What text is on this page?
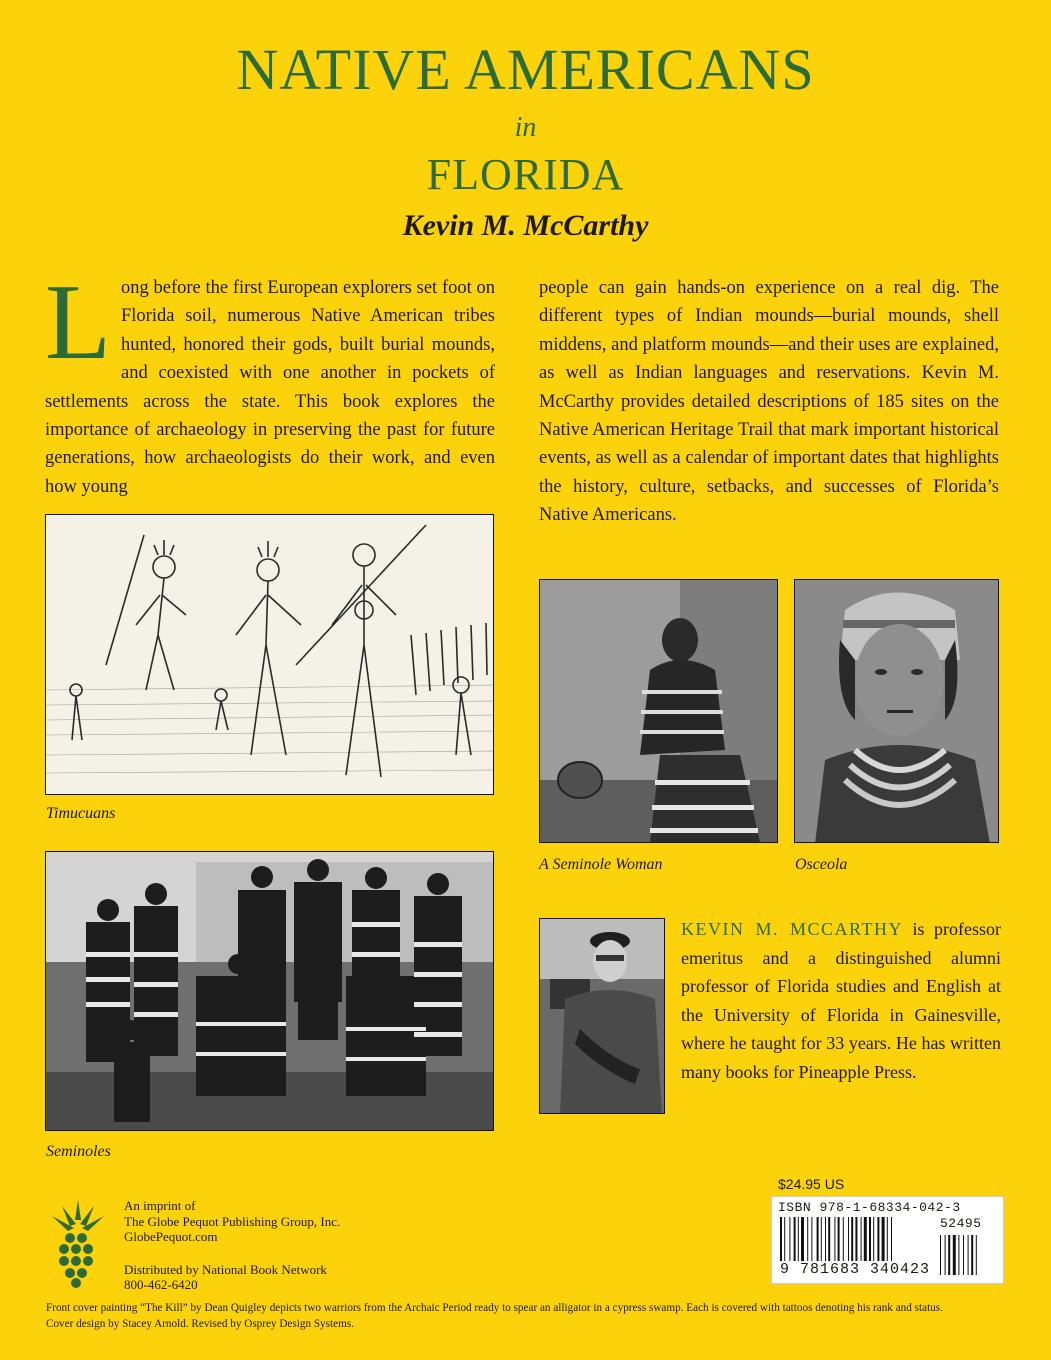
NATIVE AMERICANS
in
FLORIDA
Kevin M. McCarthy
Long before the first European explorers set foot on Florida soil, numerous Native American tribes hunted, honored their gods, built burial mounds, and coexisted with one another in pockets of settlements across the state. This book explores the importance of archaeology in preserving the past for future generations, how archaeologists do their work, and even how young
people can gain hands-on experience on a real dig. The different types of Indian mounds—burial mounds, shell middens, and platform mounds—and their uses are explained, as well as Indian languages and reservations. Kevin M. McCarthy provides detailed descriptions of 185 sites on the Native American Heritage Trail that mark important historical events, as well as a calendar of important dates that highlights the history, culture, setbacks, and successes of Florida’s Native Americans.
Timucuans
Seminoles
A Seminole Woman	Osceola
KEVIN M. MCCARTHY is professor emeritus and a distinguished alumni professor of Florida studies and English at the University of Florida in Gainesville, where he taught for 33 years. He has written many books for Pineapple Press.
An imprint of
The Globe Pequot Publishing Group, Inc.
GlobePequot.com
Distributed by National Book Network
800-462-6420
$24.95 US
ISBN 978-1-68334-042-3
52495
9 781683 340423
Front cover painting “The Kill” by Dean Quigley depicts two warriors from the Archaic Period ready to spear an alligator in a cypress swamp. Each is covered with tattoos denoting his rank and status.
Cover design by Stacey Arnold. Revised by Osprey Design Systems.
